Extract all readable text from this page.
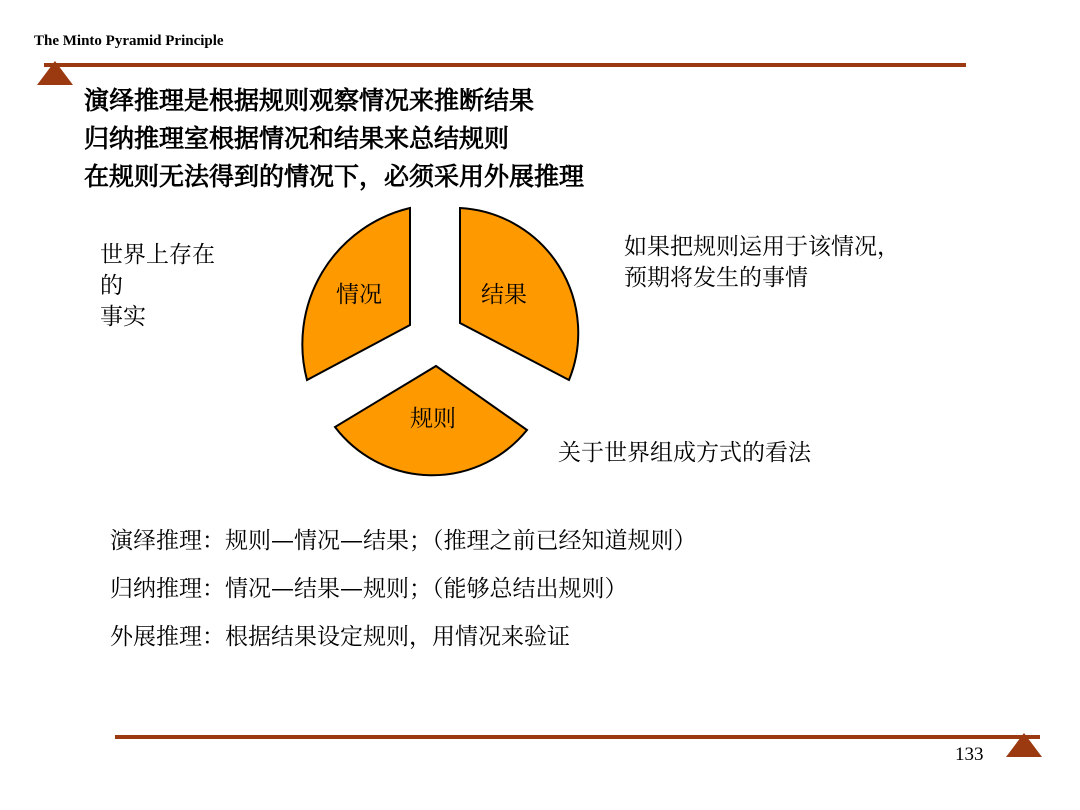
The Minto Pyramid Principle
演绎推理是根据规则观察情况来推断结果
归纳推理室根据情况和结果来总结规则
在规则无法得到的情况下，必须采用外展推理
情况	结果
规则
世界上存在
的
事实
如果把规则运用于该情况，
预期将发生的事情
关于世界组成方式的看法
演绎推理：规则—情况—结果；（推理之前已经知道规则）
归纳推理：情况—结果—规则；（能够总结出规则）
外展推理：根据结果设定规则，用情况来验证
133
